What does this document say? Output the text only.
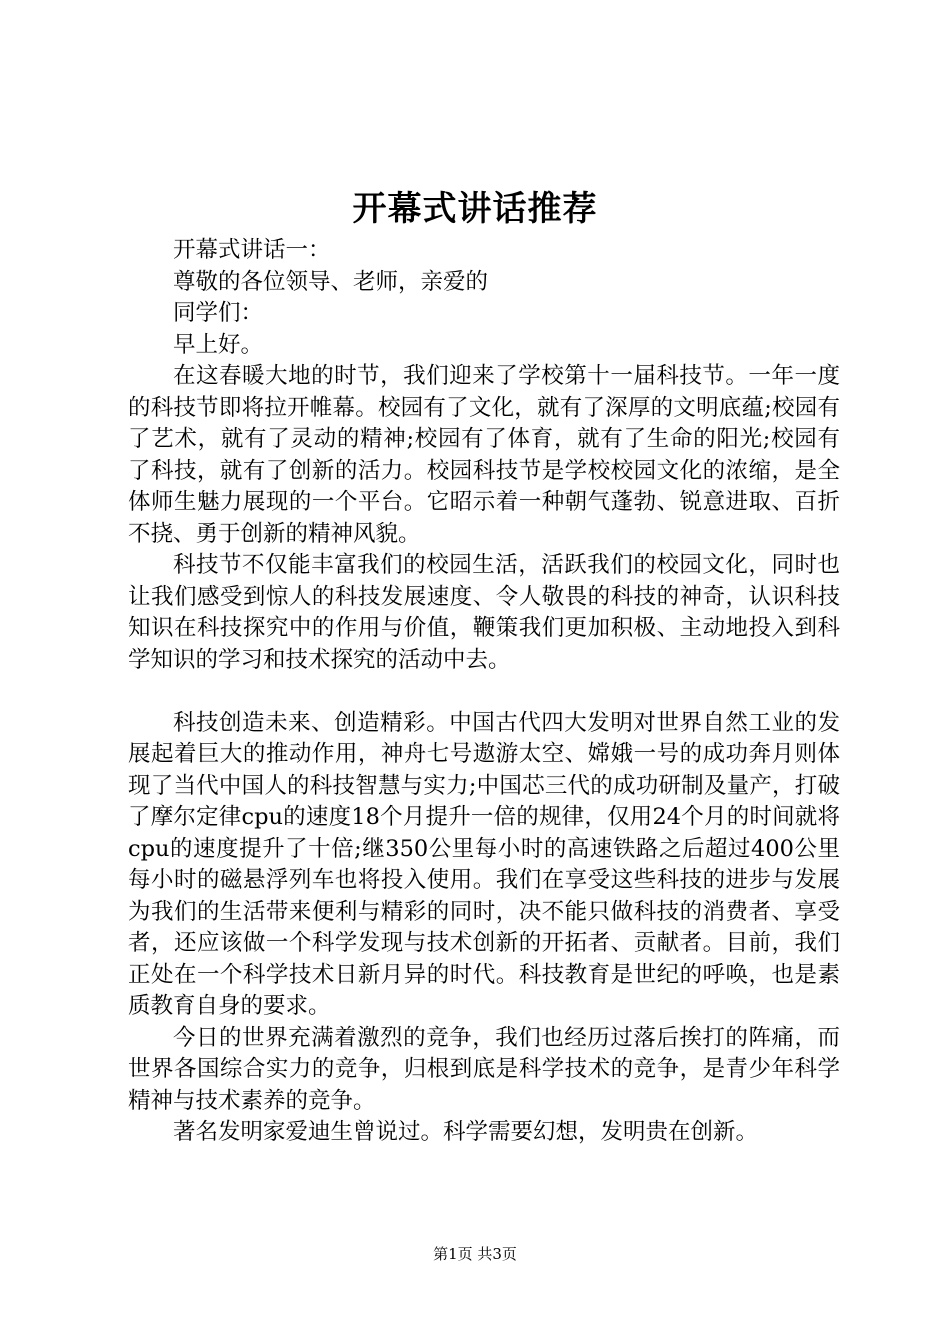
开幕式讲话推荐

开幕式讲话一：

尊敬的各位领导、老师，亲爱的

同学们：

早上好。

在这春暖大地的时节，我们迎来了学校第十一届科技节。一年一度的科技节即将拉开帷幕。校园有了文化，就有了深厚的文明底蕴;校园有了艺术，就有了灵动的精神;校园有了体育，就有了生命的阳光;校园有了科技，就有了创新的活力。校园科技节是学校校园文化的浓缩，是全体师生魅力展现的一个平台。它昭示着一种朝气蓬勃、锐意进取、百折不挠、勇于创新的精神风貌。

科技节不仅能丰富我们的校园生活，活跃我们的校园文化，同时也让我们感受到惊人的科技发展速度、令人敬畏的科技的神奇，认识科技知识在科技探究中的作用与价值，鞭策我们更加积极、主动地投入到科学知识的学习和技术探究的活动中去。

科技创造未来、创造精彩。中国古代四大发明对世界自然工业的发展起着巨大的推动作用，神舟七号遨游太空、嫦娥一号的成功奔月则体现了当代中国人的科技智慧与实力;中国芯三代的成功研制及量产，打破了摩尔定律cpu的速度18个月提升一倍的规律，仅用24个月的时间就将cpu的速度提升了十倍;继350公里每小时的高速铁路之后超过400公里每小时的磁悬浮列车也将投入使用。我们在享受这些科技的进步与发展为我们的生活带来便利与精彩的同时，决不能只做科技的消费者、享受者，还应该做一个科学发现与技术创新的开拓者、贡献者。目前，我们正处在一个科学技术日新月异的时代。科技教育是世纪的呼唤，也是素质教育自身的要求。

今日的世界充满着激烈的竞争，我们也经历过落后挨打的阵痛，而世界各国综合实力的竞争，归根到底是科学技术的竞争，是青少年科学精神与技术素养的竞争。

著名发明家爱迪生曾说过。科学需要幻想，发明贵在创新。

第1页 共3页
